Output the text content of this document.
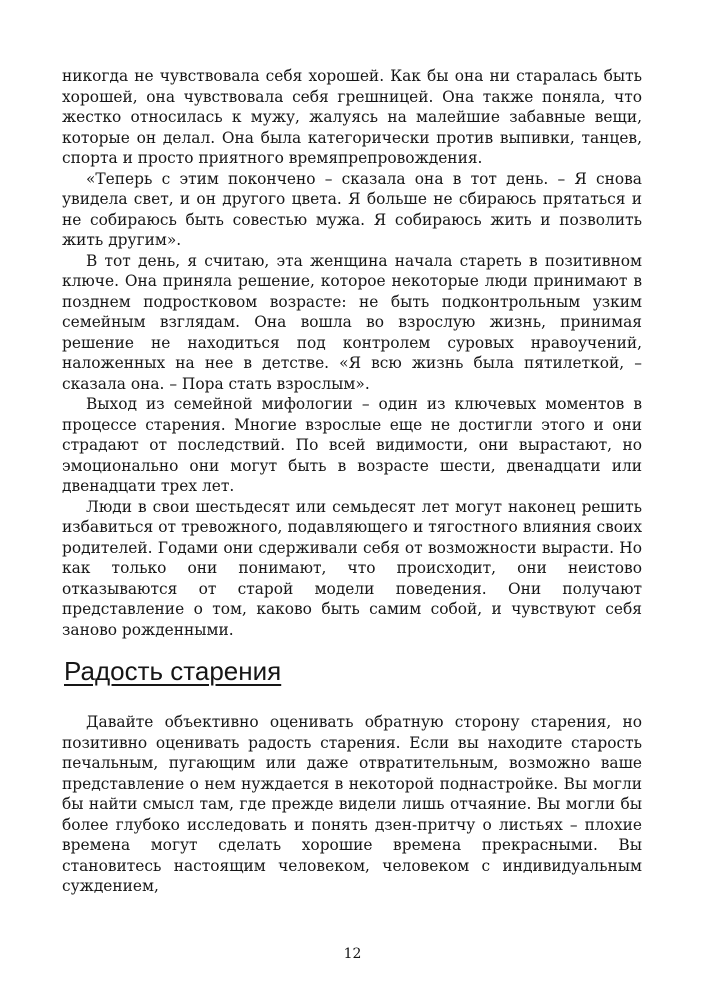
никогда не чувствовала себя хорошей. Как бы она ни старалась быть хорошей, она чувствовала себя грешницей. Она также поняла, что жестко относилась к мужу, жалуясь на малейшие забавные вещи, которые он делал. Она была категорически против выпивки, танцев, спорта и просто приятного времяпрепровождения.

«Теперь с этим покончено – сказала она в тот день. – Я снова увидела свет, и он другого цвета. Я больше не сбираюсь прятаться и не собираюсь быть совестью мужа. Я собираюсь жить и позволить жить другим».

В тот день, я считаю, эта женщина начала стареть в позитивном ключе. Она приняла решение, которое некоторые люди принимают в позднем подростковом возрасте: не быть подконтрольным узким семейным взглядам. Она вошла во взрослую жизнь, принимая решение не находиться под контролем суровых нравоучений, наложенных на нее в детстве. «Я всю жизнь была пятилеткой, – сказала она. – Пора стать взрослым».

Выход из семейной мифологии – один из ключевых моментов в процессе старения. Многие взрослые еще не достигли этого и они страдают от последствий. По всей видимости, они вырастают, но эмоционально они могут быть в возрасте шести, двенадцати или двенадцати трех лет.

Люди в свои шестьдесят или семьдесят лет могут наконец решить избавиться от тревожного, подавляющего и тягостного влияния своих родителей. Годами они сдерживали себя от возможности вырасти. Но как только они понимают, что происходит, они неистово отказываются от старой модели поведения. Они получают представление о том, каково быть самим собой, и чувствуют себя заново рожденными.

Радость старения

Давайте объективно оценивать обратную сторону старения, но позитивно оценивать радость старения. Если вы находите старость печальным, пугающим или даже отвратительным, возможно ваше представление о нем нуждается в некоторой поднастройке. Вы могли бы найти смысл там, где прежде видели лишь отчаяние. Вы могли бы более глубоко исследовать и понять дзен-притчу о листьях – плохие времена могут сделать хорошие времена прекрасными. Вы становитесь настоящим человеком, человеком с индивидуальным суждением,

12
